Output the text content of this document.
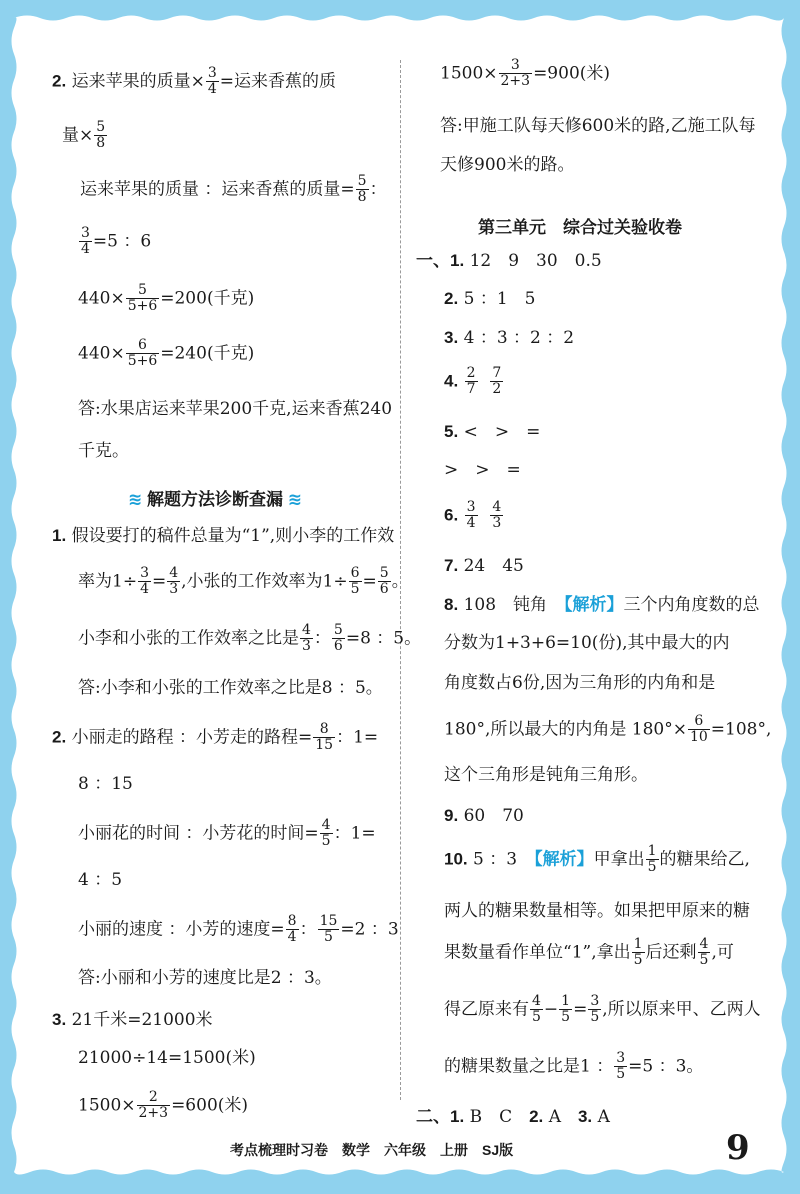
2. 运来苹果的质量× $\frac{3}{4}$ =运来香蕉的质
量× $\frac{5}{8}$
运来苹果的质量 ：运来香蕉的质量= $\frac{5}{8}$ ：
$\frac{3}{4} =5$ ：6
$440\times \frac{5}{5+6} =200$(千克)
$440\times \frac{6}{5+6} =240$(千克)
答:水果店运来苹果200千克,运来香蕉240
千克。
≋ 解题方法诊断查漏 ≋
1. 假设要打的稿件总量为“1”,则小李的工作效
率为$1\div \frac{3}{4} = \frac{4}{3}$ ,小张的工作效率为$1\div \frac{6}{5} = \frac{5}{6}$ 。
小李和小张的工作效率之比是 $\frac{4}{3}$ ： $\frac{5}{6} =8$ ：5。
答:小李和小张的工作效率之比是8 ：5。
2. 小丽走的路程 ：小芳走的路程= $\frac{8}{15}$ ：1=
8 ：15
小丽花的时间 ：小芳花的时间= $\frac{4}{5}$ ：1=
4 ：5
小丽的速度 ：小芳的速度= $\frac{8}{4}$ ： $\frac{15}{5} =2$ ：3
答:小丽和小芳的速度比是2 ：3。
3. 21千米=21000米
21000÷14=1500(米)
$1500\times \frac{2}{2+3} =600$(米)
$1500\times \frac{3}{2+3} =900$(米)
答:甲施工队每天修600米的路,乙施工队每
天修900米的路。
第三单元　综合过关验收卷
一、1. 12　9　30　0.5
2. 5 ：1　5
3. 4 ：3 ：2 ：2
4. $\frac{2}{7}$
$\frac{7}{2}$
5. <　>　=
>　>　=
6. $\frac{3}{4}$
$\frac{4}{3}$
7. 24　45
8. 108　钝角　【解析】三个内角度数的总
分数为1+3+6=10(份),其中最大的内
角度数占6份,因为三角形的内角和是
180°,所以最大的内角是 $180^\circ\times \frac{6}{10} =108^\circ$,
这个三角形是钝角三角形。
9. 60　70
10. 5 ：3　【解析】甲拿出 $\frac{1}{5}$ 的糖果给乙,
两人的糖果数量相等。如果把甲原来的糖
果数量看作单位“1”,拿出 $\frac{1}{5}$ 后还剩 $\frac{4}{5}$ ,可
得乙原来有 $\frac{4}{5} - \frac{1}{5} = \frac{3}{5}$ ,所以原来甲、乙两人
的糖果数量之比是1 ： $\frac{3}{5} =5$ ：3。
二、1. B　C　2. A　3. A
考点梳理时习卷　数学　六年级　上册　SJ版	9
